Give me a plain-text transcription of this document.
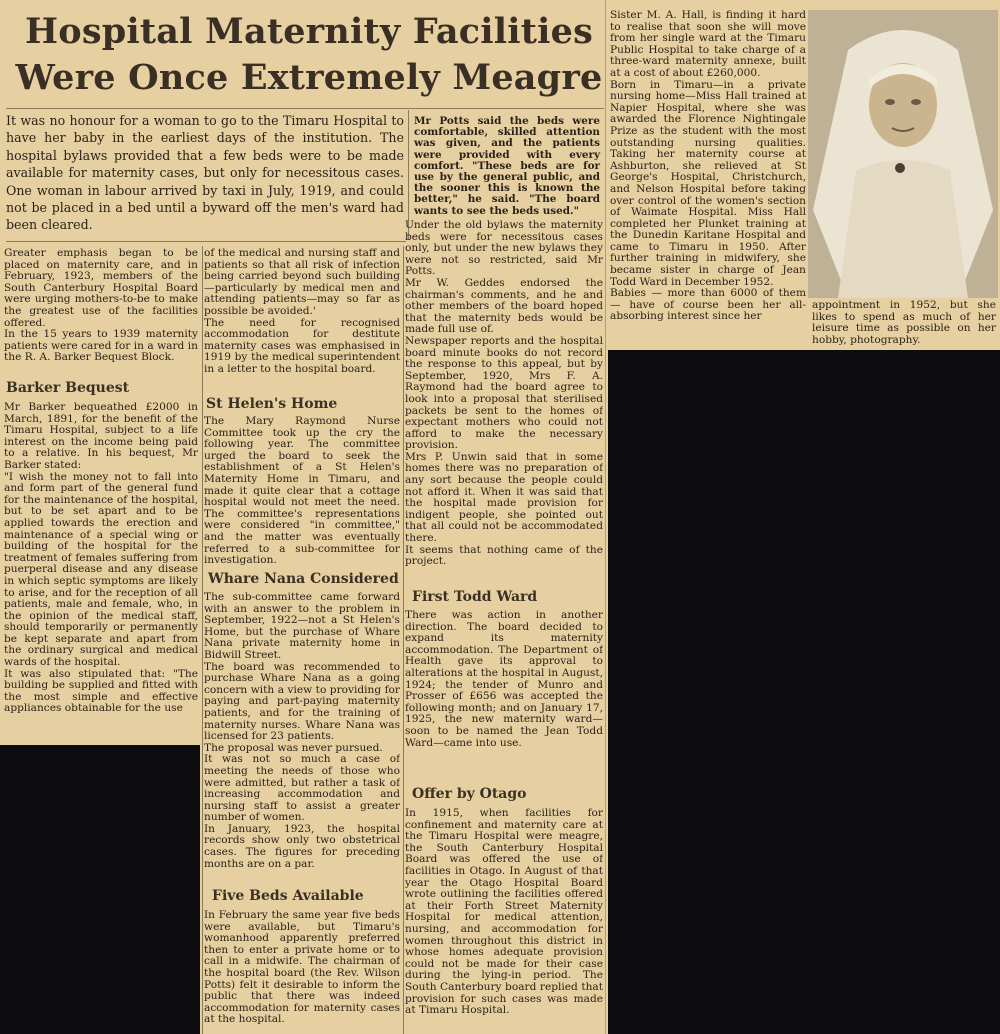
Hospital Maternity Facilities
Were Once Extremely Meagre
It was no honour for a woman to go to the Timaru Hospital to have her baby in the earliest days of the institution. The hospital bylaws provided that a few beds were to be made available for maternity cases, but only for necessitous cases. One woman in labour arrived by taxi in July, 1919, and could not be placed in a bed until a byward off the men's ward had been cleared.
Mr Potts said the beds were comfortable, skilled attention was given, and the patients were provided with every comfort. "These beds are for use by the general public, and the sooner this is known the better," he said. "The board wants to see the beds used."
Greater emphasis began to be placed on maternity care, and in February, 1923, members of the South Canterbury Hospital Board were urging mothers-to-be to make the greatest use of the facilities offered.
In the 15 years to 1939 maternity patients were cared for in a ward in the R. A. Barker Bequest Block.
Barker Bequest
Mr Barker bequeathed £2000 in March, 1891, for the benefit of the Timaru Hospital, subject to a life interest on the income being paid to a relative. In his bequest, Mr Barker stated:
"I wish the money not to fall into and form part of the general fund for the maintenance of the hospital, but to be set apart and to be applied towards the erection and maintenance of a special wing or building of the hospital for the treatment of females suffering from puerperal disease and any disease in which septic symptoms are likely to arise, and for the reception of all patients, male and female, who, in the opinion of the medical staff, should temporarily or permanently be kept separate and apart from the ordinary surgical and medical wards of the hospital.
It was also stipulated that: "The building be supplied and fitted with the most simple and effective appliances obtainable for the use
of the medical and nursing staff and patients so that all risk of infection being carried beyond such building—particularly by medical men and attending patients—may so far as possible be avoided.'
The need for recognised accommodation for destitute maternity cases was emphasised in 1919 by the medical superintendent in a letter to the hospital board.
St Helen's Home
The Mary Raymond Nurse Committee took up the cry the following year. The committee urged the board to seek the establishment of a St Helen's Maternity Home in Timaru, and made it quite clear that a cottage hospital would not meet the need. The committee's representations were considered "in committee," and the matter was eventually referred to a sub-committee for investigation.
Whare Nana Considered
The sub-committee came forward with an answer to the problem in September, 1922—not a St Helen's Home, but the purchase of Whare Nana private maternity home in Bidwill Street.
The board was recommended to purchase Whare Nana as a going concern with a view to providing for paying and part-paying maternity patients, and for the training of maternity nurses. Whare Nana was licensed for 23 patients.
The proposal was never pursued.
It was not so much a case of meeting the needs of those who were admitted, but rather a task of increasing accommodation and nursing staff to assist a greater number of women.
In January, 1923, the hospital records show only two obstetrical cases. The figures for preceding months are on a par.
Five Beds Available
In February the same year five beds were available, but Timaru's womanhood apparently preferred then to enter a private home or to call in a midwife. The chairman of the hospital board (the Rev. Wilson Potts) felt it desirable to inform the public that there was indeed accommodation for maternity cases at the hospital.
Under the old bylaws the maternity beds were for necessitous cases only, but under the new bylaws they were not so restricted, said Mr Potts.
Mr W. Geddes endorsed the chairman's comments, and he and other members of the board hoped that the maternity beds would be made full use of.
Newspaper reports and the hospital board minute books do not record the response to this appeal, but by September, 1920, Mrs F. A. Raymond had the board agree to look into a proposal that sterilised packets be sent to the homes of expectant mothers who could not afford to make the necessary provision.
Mrs P. Unwin said that in some homes there was no preparation of any sort because the people could not afford it. When it was said that the hospital made provision for indigent people, she pointed out that all could not be accommodated there.
It seems that nothing came of the project.
First Todd Ward
There was action in another direction. The board decided to expand its maternity accommodation. The Department of Health gave its approval to alterations at the hospital in August, 1924; the tender of Munro and Prosser of £656 was accepted the following month; and on January 17, 1925, the new maternity ward—soon to be named the Jean Todd Ward—came into use.
Offer by Otago
In 1915, when facilities for confinement and maternity care at the Timaru Hospital were meagre, the South Canterbury Hospital Board was offered the use of facilities in Otago. In August of that year the Otago Hospital Board wrote outlining the facilities offered at their Forth Street Maternity Hospital for medical attention, nursing, and accommodation for women throughout this district in whose homes adequate provision could not be made for their case during the lying-in period. The South Canterbury board replied that provision for such cases was made at Timaru Hospital.
Sister M. A. Hall, is finding it hard to realise that soon she will move from her single ward at the Timaru Public Hospital to take charge of a three-ward maternity annexe, built at a cost of about £260,000.
Born in Timaru—in a private nursing home—Miss Hall trained at Napier Hospital, where she was awarded the Florence Nightingale Prize as the student with the most outstanding nursing qualities. Taking her maternity course at Ashburton, she relieved at St George's Hospital, Christchurch, and Nelson Hospital before taking over control of the women's section of Waimate Hospital. Miss Hall completed her Plunket training at the Dunedin Karitane Hospital and came to Timaru in 1950. After further training in midwifery, she became sister in charge of Jean Todd Ward in December 1952.
Babies — more than 6000 of them — have of course been her all-absorbing interest since her
appointment in 1952, but she likes to spend as much of her leisure time as possible on her hobby, photography.
